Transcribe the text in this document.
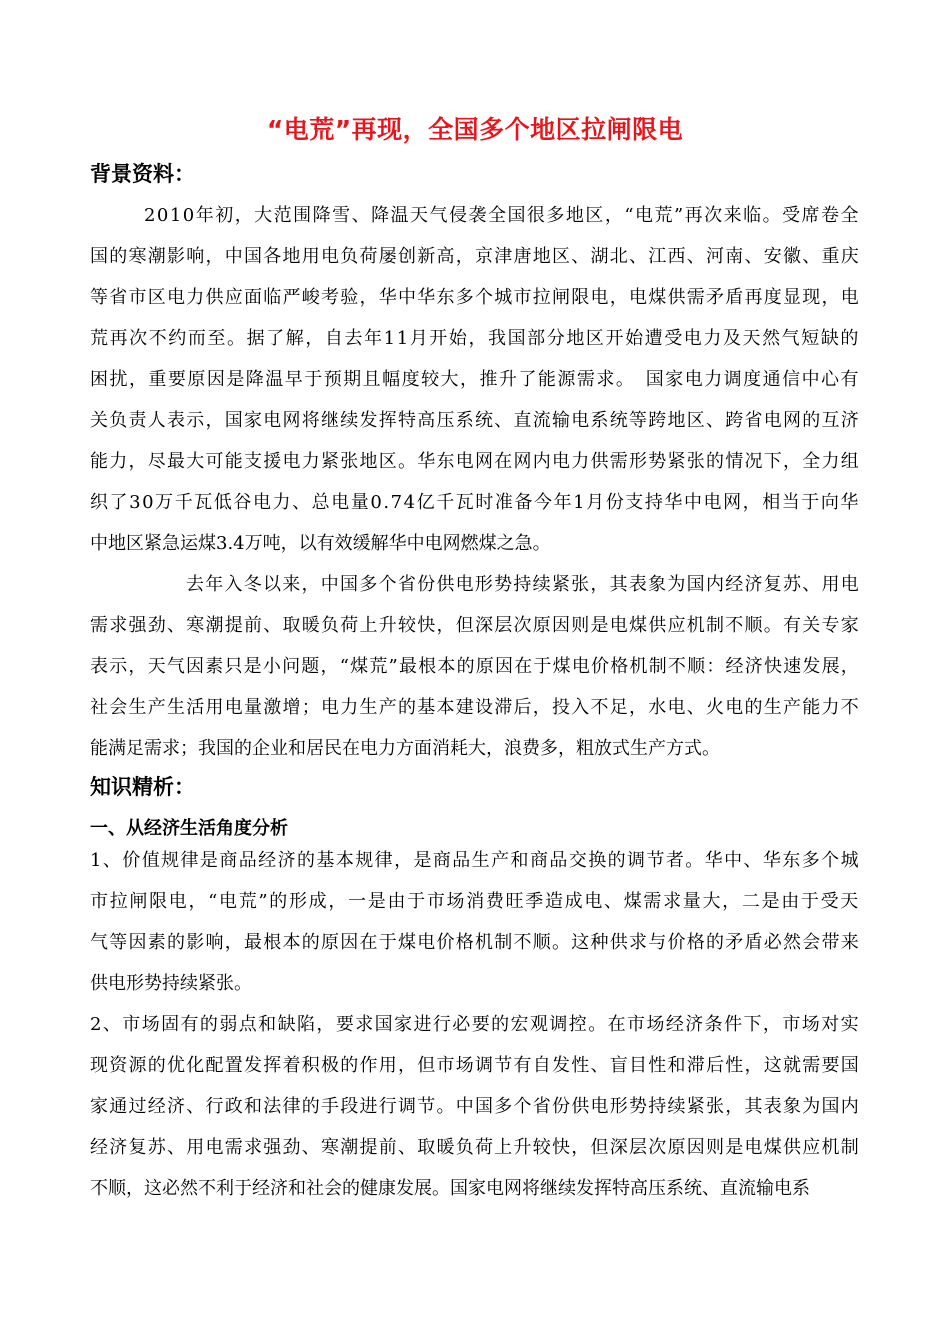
“电荒”再现，全国多个地区拉闸限电
背景资料：
2010年初，大范围降雪、降温天气侵袭全国很多地区，“电荒”再次来临。受席卷全
国的寒潮影响，中国各地用电负荷屡创新高，京津唐地区、湖北、江西、河南、安徽、重庆
等省市区电力供应面临严峻考验，华中华东多个城市拉闸限电，电煤供需矛盾再度显现，电
荒再次不约而至。据了解，自去年11月开始，我国部分地区开始遭受电力及天然气短缺的
困扰，重要原因是降温早于预期且幅度较大，推升了能源需求。　国家电力调度通信中心有
关负责人表示，国家电网将继续发挥特高压系统、直流输电系统等跨地区、跨省电网的互济
能力，尽最大可能支援电力紧张地区。华东电网在网内电力供需形势紧张的情况下，全力组
织了30万千瓦低谷电力、总电量0.74亿千瓦时准备今年1月份支持华中电网，相当于向华
中地区紧急运煤3.4万吨，以有效缓解华中电网燃煤之急。
去年入冬以来，中国多个省份供电形势持续紧张，其表象为国内经济复苏、用电
需求强劲、寒潮提前、取暖负荷上升较快，但深层次原因则是电煤供应机制不顺。有关专家
表示，天气因素只是小问题，“煤荒”最根本的原因在于煤电价格机制不顺：经济快速发展，
社会生产生活用电量激增；电力生产的基本建设滞后，投入不足，水电、火电的生产能力不
能满足需求；我国的企业和居民在电力方面消耗大，浪费多，粗放式生产方式。
知识精析：
一、从经济生活角度分析
1、价值规律是商品经济的基本规律，是商品生产和商品交换的调节者。华中、华东多个城
市拉闸限电，“电荒”的形成，一是由于市场消费旺季造成电、煤需求量大，二是由于受天
气等因素的影响，最根本的原因在于煤电价格机制不顺。这种供求与价格的矛盾必然会带来
供电形势持续紧张。
2、市场固有的弱点和缺陷，要求国家进行必要的宏观调控。在市场经济条件下，市场对实
现资源的优化配置发挥着积极的作用，但市场调节有自发性、盲目性和滞后性，这就需要国
家通过经济、行政和法律的手段进行调节。中国多个省份供电形势持续紧张，其表象为国内
经济复苏、用电需求强劲、寒潮提前、取暖负荷上升较快，但深层次原因则是电煤供应机制
不顺，这必然不利于经济和社会的健康发展。国家电网将继续发挥特高压系统、直流输电系
